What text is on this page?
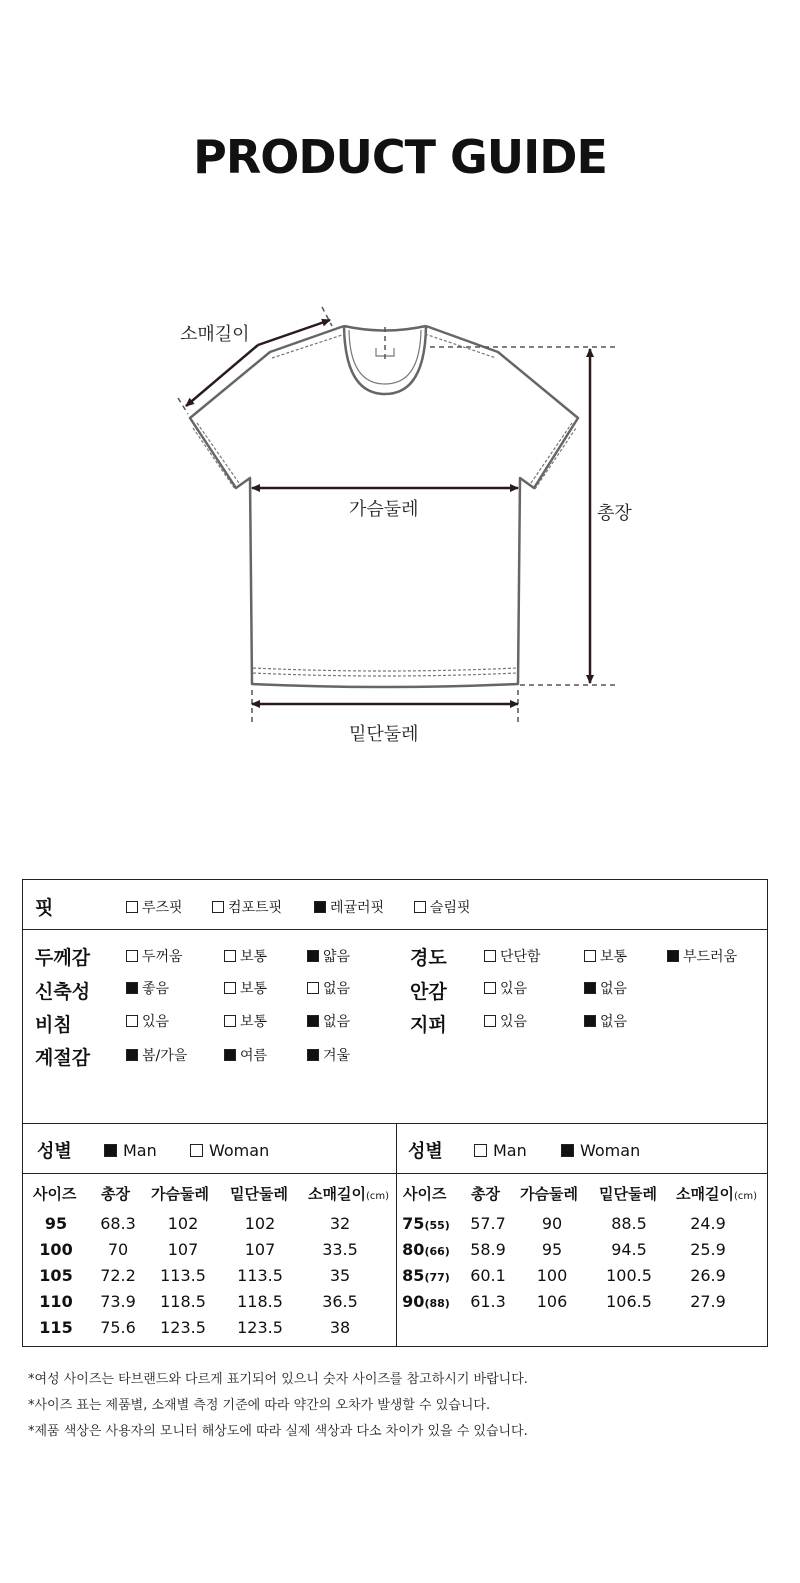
PRODUCT GUIDE
소매길이
가슴둘레	총장
밑단둘레
핏	루즈핏	컴포트핏	레귤러핏	슬림핏
두께감	두꺼움	보통	얇음
신축성	좋음	보통	없음
비침	있음	보통	없음
계절감	봄/가을	여름	겨울
경도	단단함	보통	부드러움
안감	있음	없음
지퍼	있음	없음
성별	Man	Woman	성별	Man	Woman
사이즈 총장 가슴둘레 밑단둘레 소매길이(cm) 사이즈 총장 가슴둘레 밑단둘레 소매길이(cm)
95	68.3	102	102	32
100	70	107	107	33.5
105	72.2	113.5	113.5	35
110	73.9	118.5	118.5	36.5
115	75.6	123.5	123.5	38
75(55)	57.7	90	88.5	24.9
80(66)	58.9	95	94.5	25.9
85(77)	60.1	100	100.5	26.9
90(88)	61.3	106	106.5	27.9
*여성 사이즈는 타브랜드와 다르게 표기되어 있으니 숫자 사이즈를 참고하시기 바랍니다.
*사이즈 표는 제품별, 소재별 측정 기준에 따라 약간의 오차가 발생할 수 있습니다.
*제품 색상은 사용자의 모니터 해상도에 따라 실제 색상과 다소 차이가 있을 수 있습니다.
